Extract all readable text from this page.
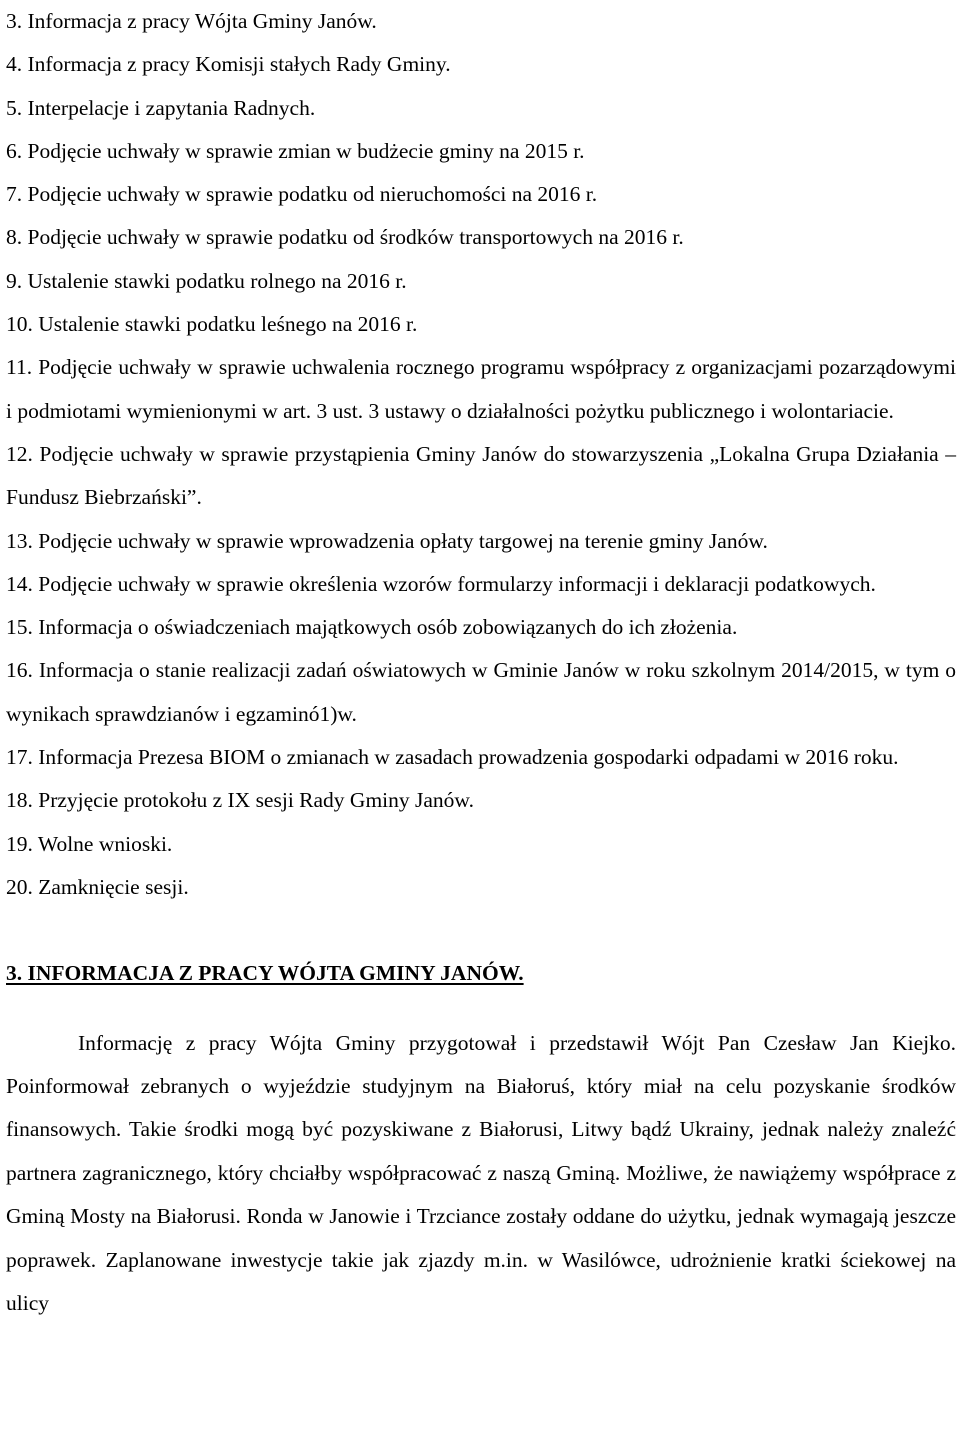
3. Informacja z pracy Wójta Gminy Janów.

4. Informacja z pracy Komisji stałych Rady Gminy.

5. Interpelacje i zapytania Radnych.

6. Podjęcie uchwały w sprawie zmian w budżecie gminy na 2015 r.

7. Podjęcie uchwały w sprawie podatku od nieruchomości na 2016 r.

8. Podjęcie uchwały w sprawie podatku od środków transportowych na 2016 r.

9. Ustalenie stawki podatku rolnego na 2016 r.

10. Ustalenie stawki podatku leśnego na 2016 r.

11. Podjęcie uchwały w sprawie uchwalenia rocznego programu współpracy z organizacjami pozarządowymi i podmiotami wymienionymi w art. 3 ust. 3 ustawy o działalności pożytku publicznego i wolontariacie.

12. Podjęcie uchwały w sprawie przystąpienia Gminy Janów do stowarzyszenia „Lokalna Grupa Działania – Fundusz Biebrzański”.

13. Podjęcie uchwały w sprawie wprowadzenia opłaty targowej na terenie gminy Janów.

14. Podjęcie uchwały w sprawie określenia wzorów formularzy informacji i deklaracji podatkowych.

15. Informacja o oświadczeniach majątkowych osób zobowiązanych do ich złożenia.

16. Informacja o stanie realizacji zadań oświatowych w Gminie Janów w roku szkolnym 2014/2015, w tym o wynikach sprawdzianów i egzaminó1)w.

17. Informacja Prezesa BIOM o zmianach w zasadach prowadzenia gospodarki odpadami w 2016 roku.

18. Przyjęcie protokołu z IX sesji Rady Gminy Janów.

19. Wolne wnioski.

20. Zamknięcie sesji.

3. INFORMACJA Z PRACY WÓJTA GMINY JANÓW.

Informację z pracy Wójta Gminy przygotował i przedstawił Wójt Pan Czesław Jan Kiejko. Poinformował zebranych o wyjeździe studyjnym na Białoruś, który miał na celu pozyskanie środków finansowych. Takie środki mogą być pozyskiwane z Białorusi, Litwy bądź Ukrainy, jednak należy znaleźć partnera zagranicznego, który chciałby współpracować z naszą Gminą. Możliwe, że nawiążemy współprace z Gminą Mosty na Białorusi. Ronda w Janowie i Trzciance zostały oddane do użytku, jednak wymagają jeszcze poprawek. Zaplanowane inwestycje takie jak zjazdy m.in. w Wasilówce, udrożnienie kratki ściekowej na ulicy
